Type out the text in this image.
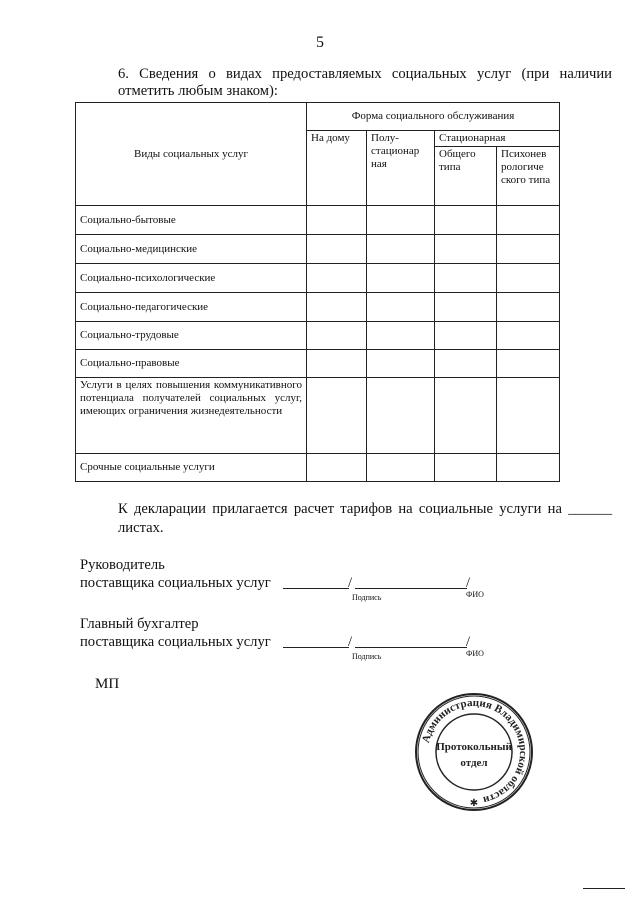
5
6. Сведения о видах предоставляемых социальных услуг (при наличии
отметить любым знаком):
Виды социальных услуг	Форма социального обслуживания			
	На дому	Полу-стационар ная	Стационарная	
			Общего типа	Психонев рологиче ского типа
Социально-бытовые				
Социально-медицинские				
Социально-психологические				
Социально-педагогические				
Социально-трудовые				
Социально-правовые				
Услуги в целях повышения коммуникативного потенциала получателей социальных услуг, имеющих ограничения жизнедеятельности				
Срочные социальные услуги				
К декларации прилагается расчет тарифов на социальные услуги на ______ листах.
Руководитель
поставщика социальных услуг	/	/
Подпись	ФИО
Главный бухгалтер
поставщика социальных услуг	/	/
Подпись	ФИО
МП
Администрация Владимирской области
Протокольный
отдел
✱
